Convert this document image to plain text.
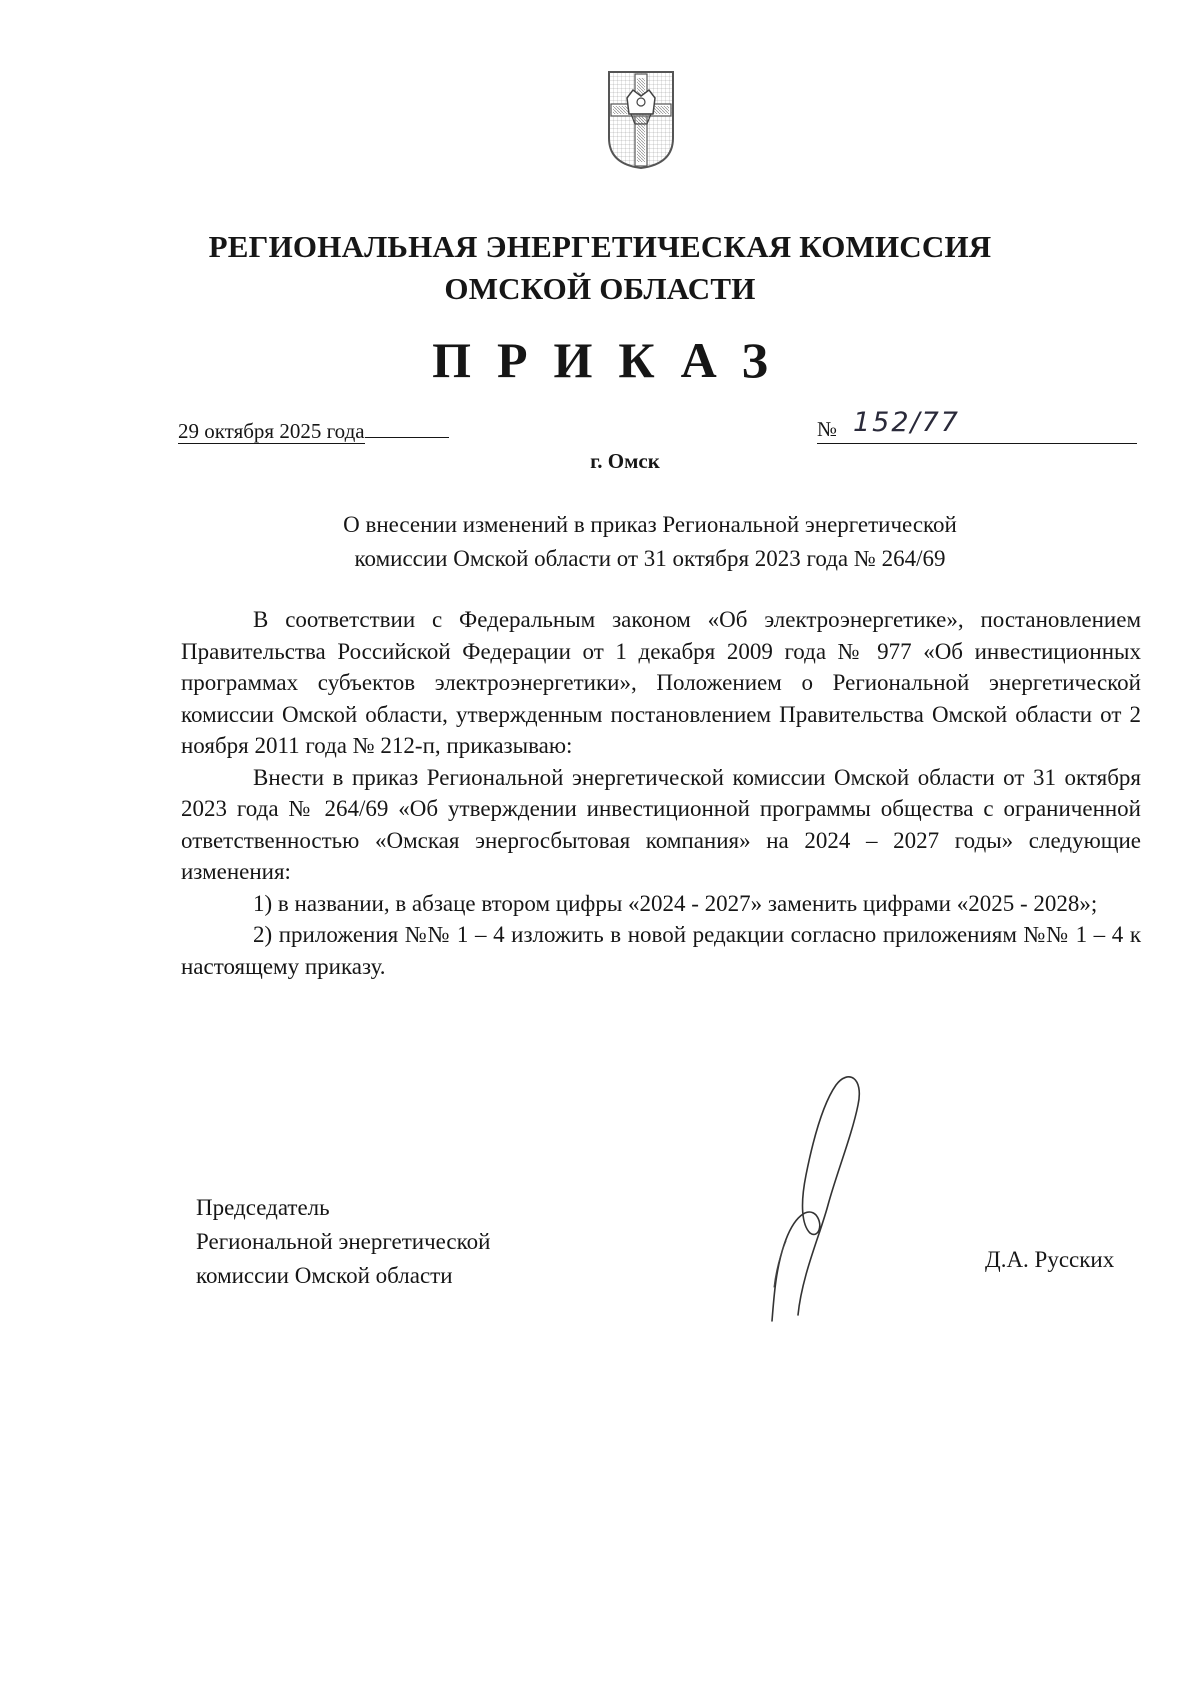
РЕГИОНАЛЬНАЯ ЭНЕРГЕТИЧЕСКАЯ КОМИССИЯ
ОМСКОЙ ОБЛАСТИ
ПРИКАЗ
29 октября 2025 года	№ 152/77
г. Омск
О внесении изменений в приказ Региональной энергетической
комиссии Омской области от 31 октября 2023 года № 264/69

В соответствии с Федеральным законом «Об электроэнергетике», постановлением Правительства Российской Федерации от 1 декабря 2009 года № 977 «Об инвестиционных программах субъектов электроэнергетики», Положением о Региональной энергетической комиссии Омской области, утвержденным постановлением Правительства Омской области от 2 ноября 2011 года № 212-п, приказываю:

Внести в приказ Региональной энергетической комиссии Омской области от 31 октября 2023 года № 264/69 «Об утверждении инвестиционной программы общества с ограниченной ответственностью «Омская энергосбытовая компания» на 2024 – 2027 годы» следующие изменения:

1) в названии, в абзаце втором цифры «2024 - 2027» заменить цифрами «2025 - 2028»;

2) приложения №№ 1 – 4 изложить в новой редакции согласно приложениям №№ 1 – 4 к настоящему приказу.

Председатель
Региональной энергетической
комиссии Омской области
Д.А. Русских
